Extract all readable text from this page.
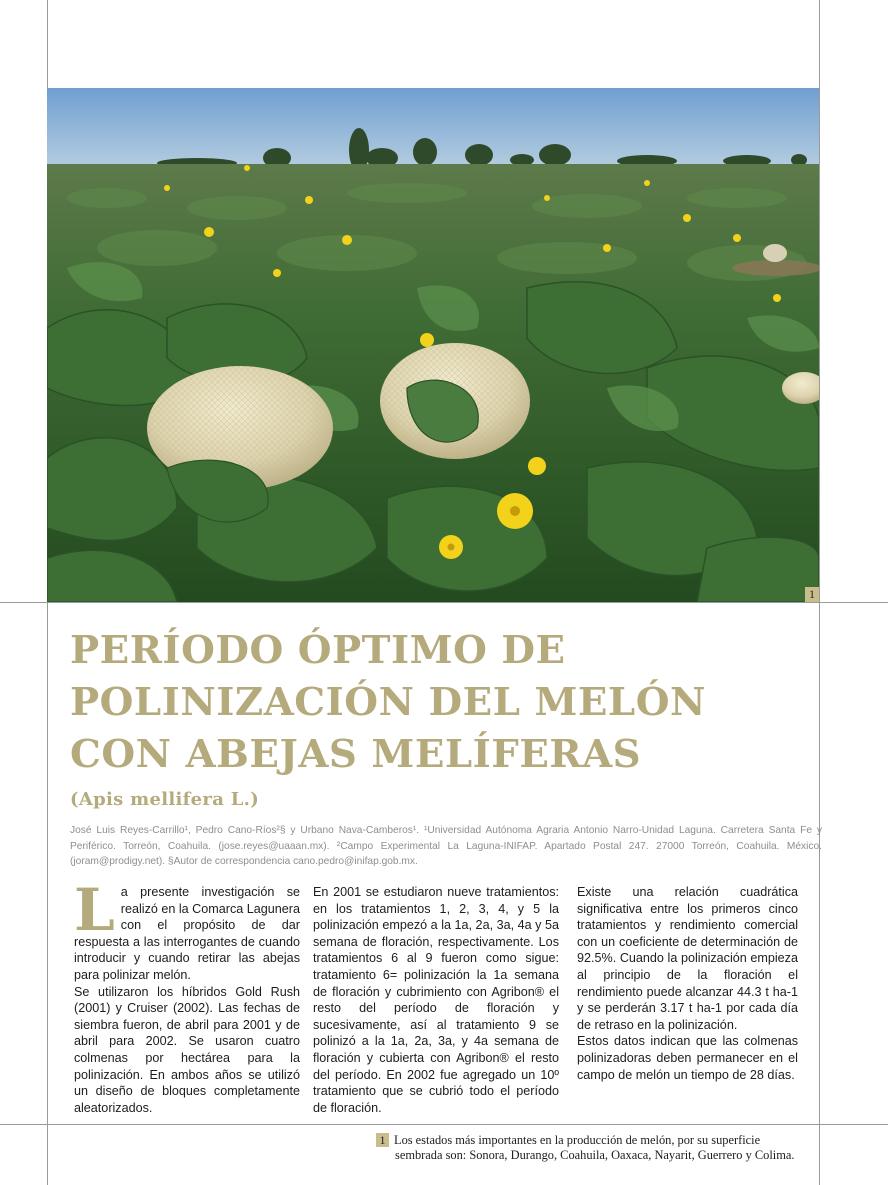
1
PERÍODO ÓPTIMO DE
POLINIZACIÓN DEL MELÓN
CON ABEJAS MELÍFERAS

(Apis mellifera L.)

José Luis Reyes-Carrillo¹, Pedro Cano-Ríos²§ y Urbano Nava-Camberos¹. ¹Universidad Autónoma Agraria Antonio Narro-Unidad Laguna. Carretera Santa Fe y Periférico. Torreón, Coahuila. (jose.reyes@uaaan.mx). ²Campo Experimental La Laguna-INIFAP. Apartado Postal 247. 27000 Torreón, Coahuila. México. (joram@prodigy.net). §Autor de correspondencia cano.pedro@inifap.gob.mx.

La presente investigación se realizó en la Comarca Lagunera con el propósito de dar respuesta a las interrogantes de cuando introducir y cuando retirar las abejas para polinizar melón.

Se utilizaron los híbridos Gold Rush (2001) y Cruiser (2002). Las fechas de siembra fueron, de abril para 2001 y de abril para 2002. Se usaron cuatro colmenas por hectárea para la polinización. En ambos años se utilizó un diseño de bloques completamente aleatorizados.

En 2001 se estudiaron nueve tratamientos: en los tratamientos 1, 2, 3, 4, y 5 la polinización empezó a la 1a, 2a, 3a, 4a y 5a semana de floración, respectivamente. Los tratamientos 6 al 9 fueron como sigue: tratamiento 6= polinización la 1a semana de floración y cubrimiento con Agribon® el resto del período de floración y sucesivamente, así al tratamiento 9 se polinizó a la 1a, 2a, 3a, y 4a semana de floración y cubierta con Agribon® el resto del período. En 2002 fue agregado un 10º tratamiento que se cubrió todo el período de floración.

Existe una relación cuadrática significativa entre los primeros cinco tratamientos y rendimiento comercial con un coeficiente de determinación de 92.5%. Cuando la polinización empieza al principio de la floración el rendimiento puede alcanzar 44.3 t ha-1 y se perderán 3.17 t ha-1 por cada día de retraso en la polinización.

Estos datos indican que las colmenas polinizadoras deben permanecer en el campo de melón un tiempo de 28 días.

1 Los estados más importantes en la producción de melón, por su superficie
sembrada son: Sonora, Durango, Coahuila, Oaxaca, Nayarit, Guerrero y Colima.
